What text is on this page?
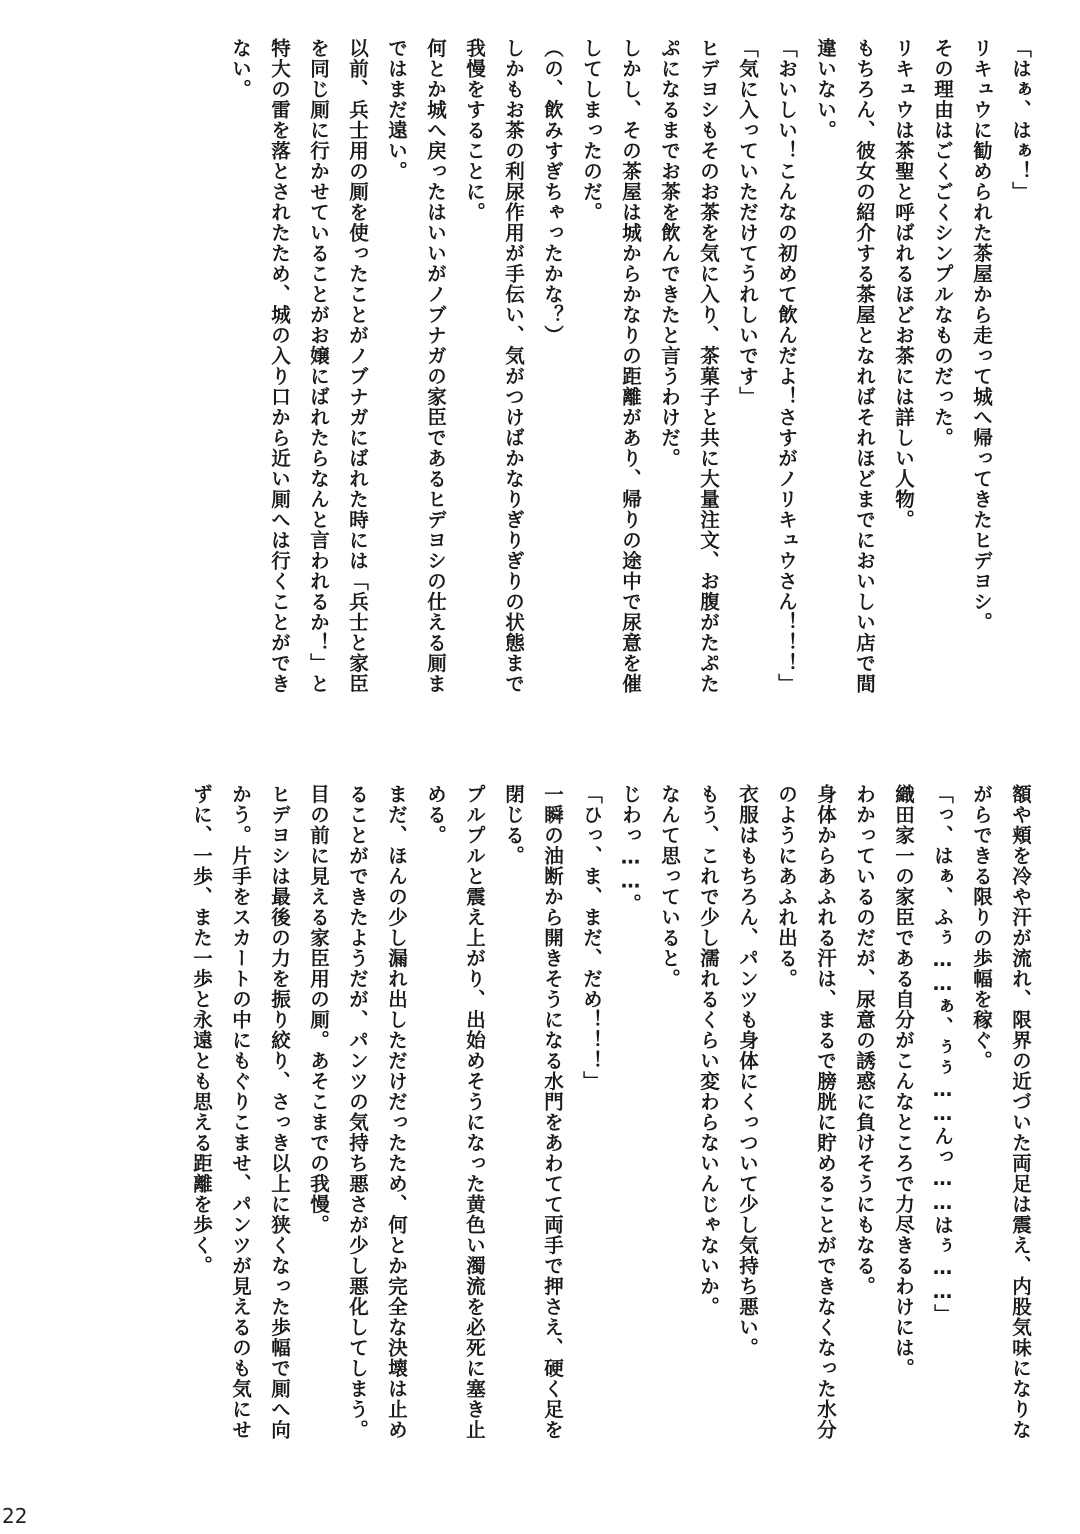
「はぁ、はぁ！」
リキュウに勧められた茶屋から走って城へ帰ってきたヒデヨシ。
その理由はごくごくシンプルなものだった。
リキュウは茶聖と呼ばれるほどお茶には詳しい人物。
もちろん、彼女の紹介する茶屋となればそれほどまでにおいしい店で間
違いない。
「おいしい！こんなの初めて飲んだよ！さすがノリキュウさん！！！」
「気に入っていただけてうれしいです」
ヒデヨシもそのお茶を気に入り、茶菓子と共に大量注文、お腹がたぷた
ぷになるまでお茶を飲んできたと言うわけだ。
しかし、その茶屋は城からかなりの距離があり、帰りの途中で尿意を催
してしまったのだ。
（の、飲みすぎちゃったかな？）
しかもお茶の利尿作用が手伝い、気がつけばかなりぎりぎりの状態まで
我慢をすることに。
何とか城へ戻ったはいいがノブナガの家臣であるヒデヨシの仕える厠ま
ではまだ遠い。
以前、兵士用の厠を使ったことがノブナガにばれた時には「兵士と家臣
を同じ厠に行かせていることがお嬢にばれたらなんと言われるか！」と
特大の雷を落とされたため、城の入り口から近い厠へは行くことができ
ない。
額や頬を冷や汗が流れ、限界の近づいた両足は震え、内股気味になりな
がらできる限りの歩幅を稼ぐ。
「っ、はぁ、ふぅ……ぁ、ぅぅ……んっ……はぅ……」
織田家一の家臣である自分がこんなところで力尽きるわけには。
わかっているのだが、尿意の誘惑に負けそうにもなる。
身体からあふれる汗は、まるで膀胱に貯めることができなくなった水分
のようにあふれ出る。
衣服はもちろん、パンツも身体にくっついて少し気持ち悪い。
もう、これで少し濡れるくらい変わらないんじゃないか。
なんて思っていると。
じわっ……。
「ひっ、ま、まだ、だめ！！！」
一瞬の油断から開きそうになる水門をあわてて両手で押さえ、硬く足を
閉じる。
プルプルと震え上がり、出始めそうになった黄色い濁流を必死に塞き止
める。
まだ、ほんの少し漏れ出しただけだったため、何とか完全な決壊は止め
ることができたようだが、パンツの気持ち悪さが少し悪化してしまう。
目の前に見える家臣用の厠。あそこまでの我慢。
ヒデヨシは最後の力を振り絞り、さっき以上に狭くなった歩幅で厠へ向
かう。片手をスカートの中にもぐりこませ、パンツが見えるのも気にせ
ずに、一歩、また一歩と永遠とも思える距離を歩く。
22
